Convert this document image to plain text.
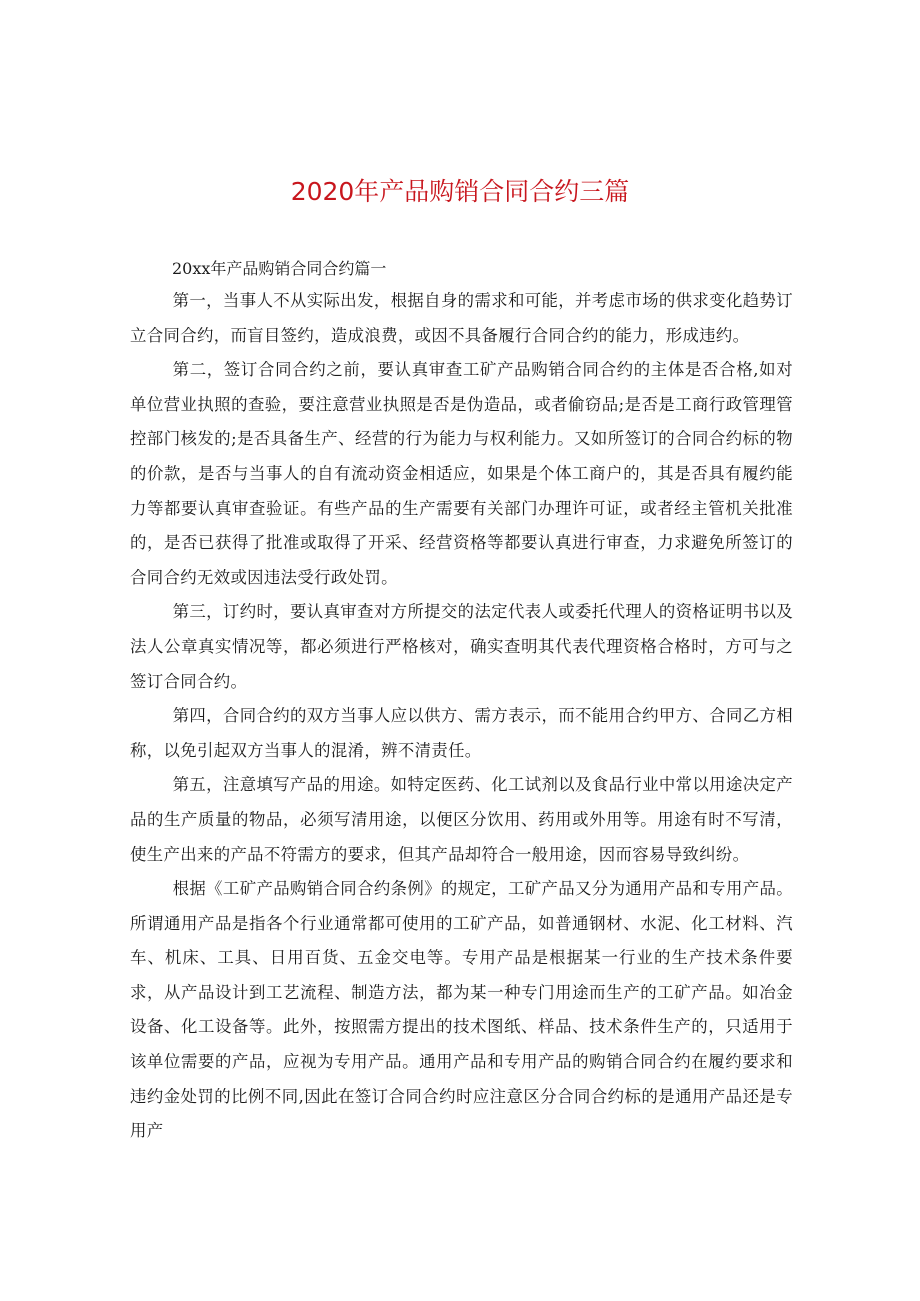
2020年产品购销合同合约三篇

20xx年产品购销合同合约篇一

第一，当事人不从实际出发，根据自身的需求和可能，并考虑市场的供求变化趋势订立合同合约，而盲目签约，造成浪费，或因不具备履行合同合约的能力，形成违约。

第二，签订合同合约之前，要认真审查工矿产品购销合同合约的主体是否合格,如对单位营业执照的查验，要注意营业执照是否是伪造品，或者偷窃品;是否是工商行政管理管控部门核发的;是否具备生产、经营的行为能力与权利能力。又如所签订的合同合约标的物的价款，是否与当事人的自有流动资金相适应，如果是个体工商户的，其是否具有履约能力等都要认真审查验证。有些产品的生产需要有关部门办理许可证，或者经主管机关批准的，是否已获得了批准或取得了开采、经营资格等都要认真进行审查，力求避免所签订的合同合约无效或因违法受行政处罚。

第三，订约时，要认真审查对方所提交的法定代表人或委托代理人的资格证明书以及法人公章真实情况等，都必须进行严格核对，确实查明其代表代理资格合格时，方可与之签订合同合约。

第四，合同合约的双方当事人应以供方、需方表示，而不能用合约甲方、合同乙方相称，以免引起双方当事人的混淆，辨不清责任。

第五，注意填写产品的用途。如特定医药、化工试剂以及食品行业中常以用途决定产品的生产质量的物品，必须写清用途，以便区分饮用、药用或外用等。用途有时不写清，使生产出来的产品不符需方的要求，但其产品却符合一般用途，因而容易导致纠纷。

根据《工矿产品购销合同合约条例》的规定，工矿产品又分为通用产品和专用产品。所谓通用产品是指各个行业通常都可使用的工矿产品，如普通钢材、水泥、化工材料、汽车、机床、工具、日用百货、五金交电等。专用产品是根据某一行业的生产技术条件要求，从产品设计到工艺流程、制造方法，都为某一种专门用途而生产的工矿产品。如冶金设备、化工设备等。此外，按照需方提出的技术图纸、样品、技术条件生产的，只适用于该单位需要的产品，应视为专用产品。通用产品和专用产品的购销合同合约在履约要求和违约金处罚的比例不同,因此在签订合同合约时应注意区分合同合约标的是通用产品还是专用产
